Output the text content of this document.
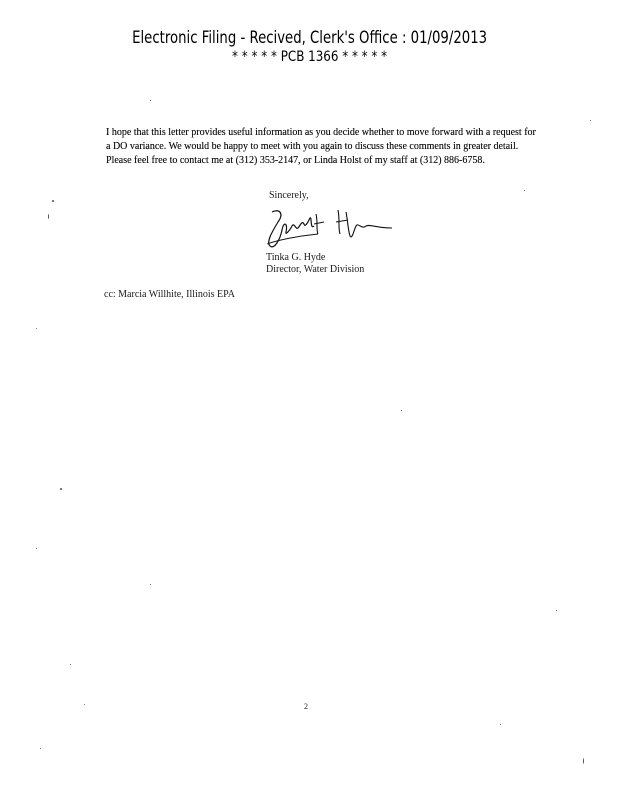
Electronic Filing - Recived, Clerk's Office : 01/09/2013
* * * * * PCB 1366 * * * * *
I hope that this letter provides useful information as you decide whether to move forward with a request for a DO variance. We would be happy to meet with you again to discuss these comments in greater detail. Please feel free to contact me at (312) 353-2147, or Linda Holst of my staff at (312) 886-6758.
Sincerely,
Tinka G. Hyde
Director, Water Division
cc: Marcia Willhite, Illinois EPA
2
